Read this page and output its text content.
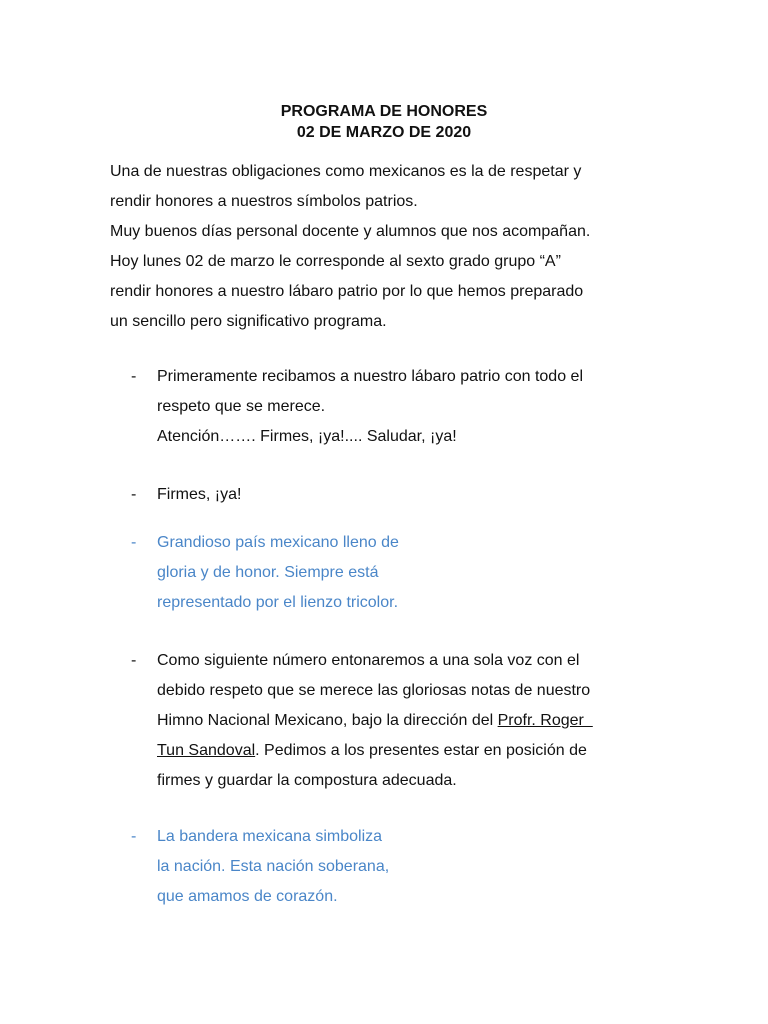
PROGRAMA DE HONORES
02 DE MARZO DE 2020

Una de nuestras obligaciones como mexicanos es la de respetar y

rendir honores a nuestros símbolos patrios.

Muy buenos días personal docente y alumnos que nos acompañan.

Hoy lunes 02 de marzo le corresponde al sexto grado grupo “A”

rendir honores a nuestro lábaro patrio por lo que hemos preparado

un sencillo pero significativo programa.

-	Primeramente recibamos a nuestro lábaro patrio con todo el

respeto que se merece.

Atención……. Firmes, ¡ya!.... Saludar, ¡ya!

-	Firmes, ¡ya!

-	Grandioso país mexicano lleno de

gloria y de honor. Siempre está

representado por el lienzo tricolor.

-	Como siguiente número entonaremos a una sola voz con el

debido respeto que se merece las gloriosas notas de nuestro

Himno Nacional Mexicano, bajo la dirección del Profr. Roger

Tun Sandoval. Pedimos a los presentes estar en posición de

firmes y guardar la compostura adecuada.

-	La bandera mexicana simboliza

la nación. Esta nación soberana,

que amamos de corazón.
